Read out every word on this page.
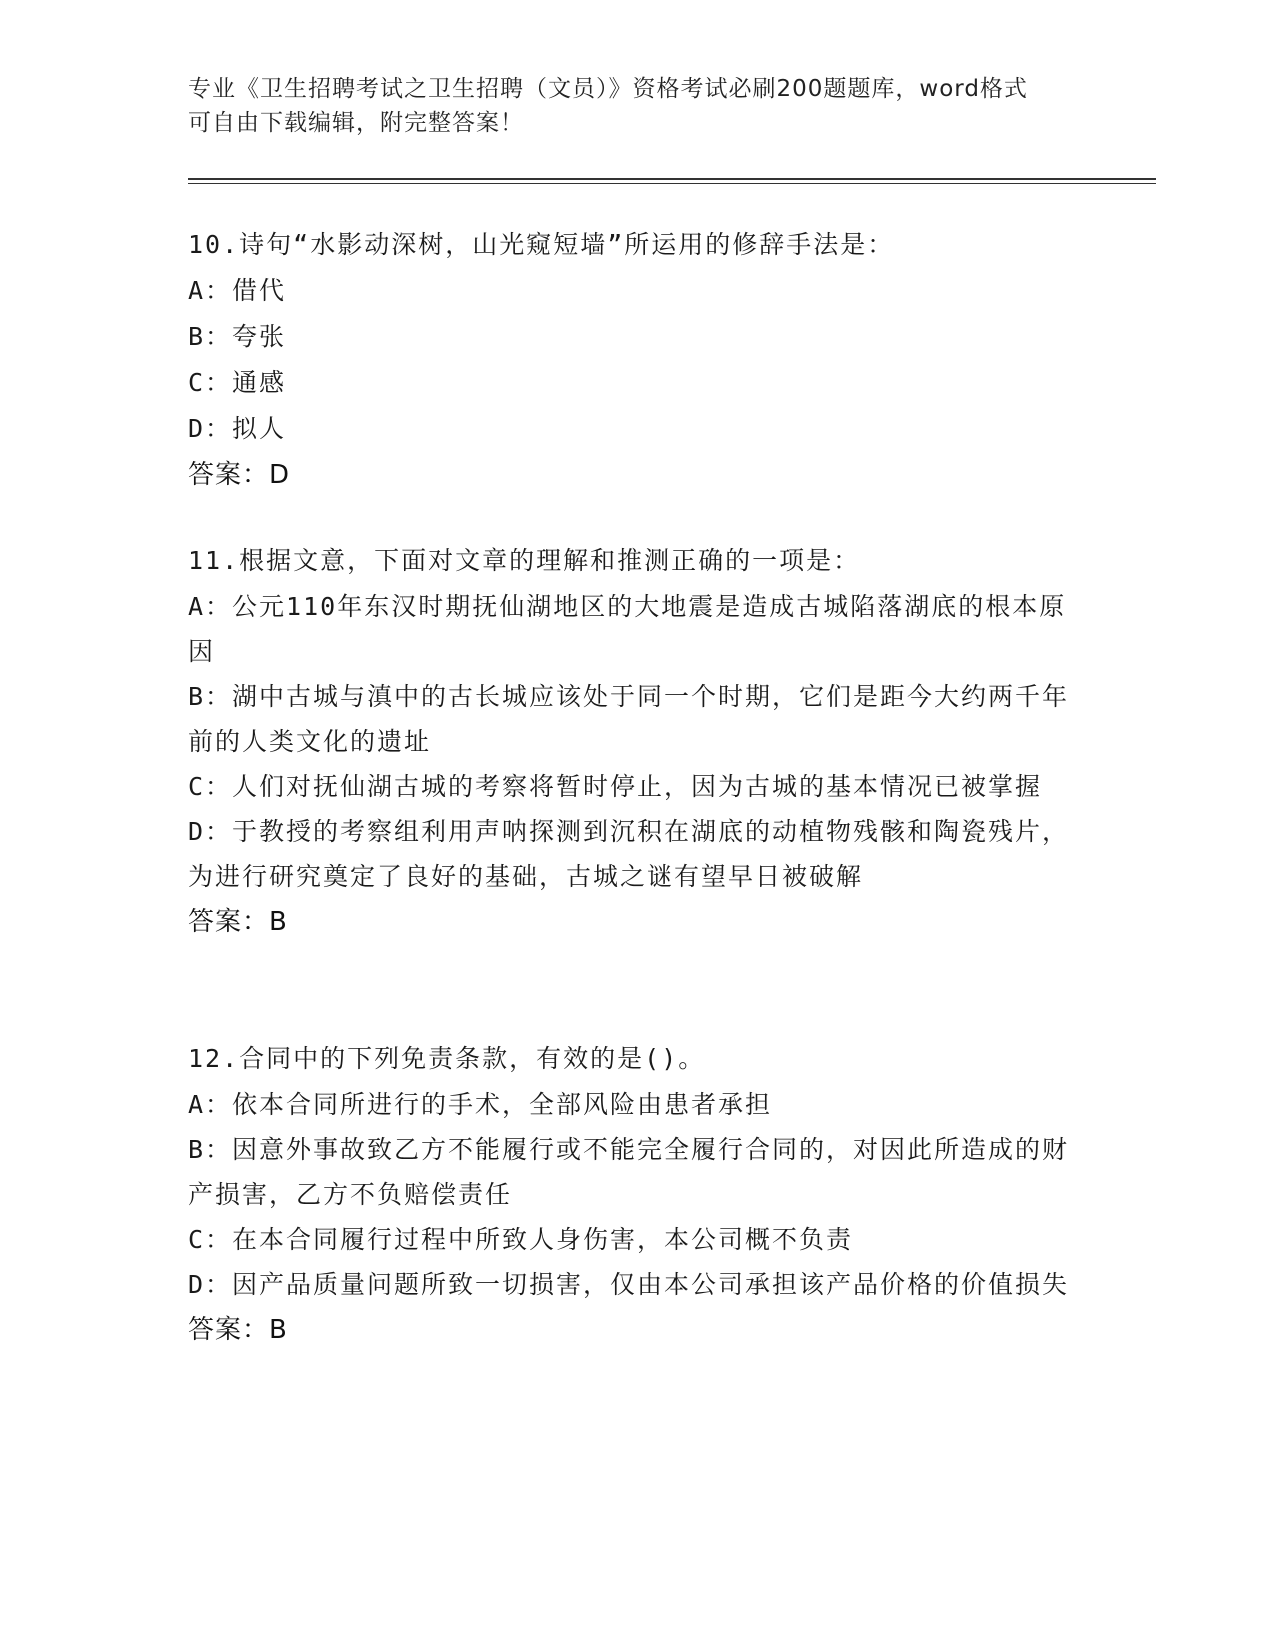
专业《卫生招聘考试之卫生招聘（文员）》资格考试必刷200题题库，word格式
可自由下载编辑，附完整答案！
10.诗句“水影动深树，山光窥短墙”所运用的修辞手法是：
A：借代
B：夸张
C：通感
D：拟人
答案：D
11.根据文意，下面对文章的理解和推测正确的一项是：
A：公元110年东汉时期抚仙湖地区的大地震是造成古城陷落湖底的根本原因
B：湖中古城与滇中的古长城应该处于同一个时期，它们是距今大约两千年前的人类文化的遗址
C：人们对抚仙湖古城的考察将暂时停止，因为古城的基本情况已被掌握
D：于教授的考察组利用声呐探测到沉积在湖底的动植物残骸和陶瓷残片，为进行研究奠定了良好的基础，古城之谜有望早日被破解
答案：B
12.合同中的下列免责条款，有效的是()。
A：依本合同所进行的手术，全部风险由患者承担
B：因意外事故致乙方不能履行或不能完全履行合同的，对因此所造成的财产损害，乙方不负赔偿责任
C：在本合同履行过程中所致人身伤害，本公司概不负责
D：因产品质量问题所致一切损害，仅由本公司承担该产品价格的价值损失
答案：B
